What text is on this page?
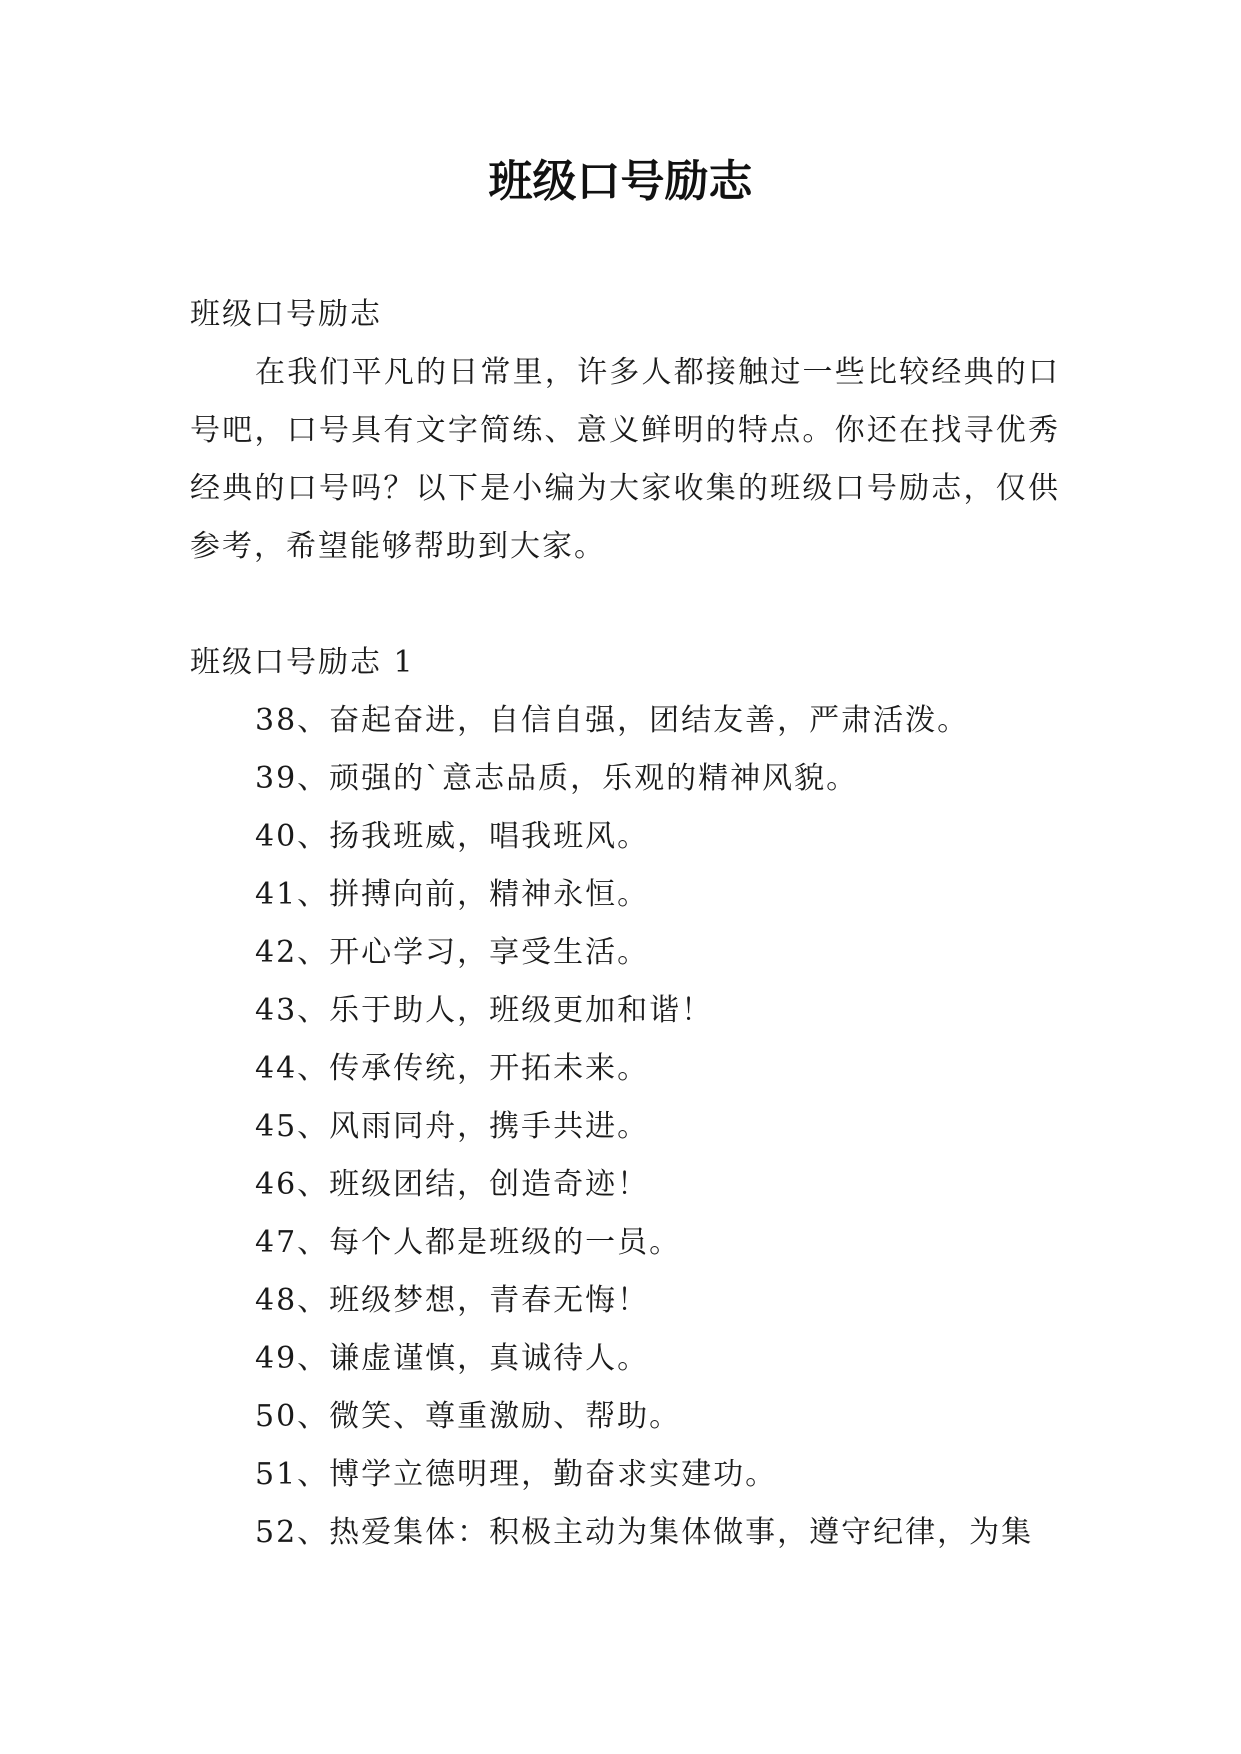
班级口号励志

班级口号励志

在我们平凡的日常里，许多人都接触过一些比较经典的口号吧，口号具有文字简练、意义鲜明的特点。你还在找寻优秀经典的口号吗？以下是小编为大家收集的班级口号励志，仅供参考，希望能够帮助到大家。

班级口号励志 1

38、奋起奋进，自信自强，团结友善，严肃活泼。
39、顽强的`意志品质，乐观的精神风貌。
40、扬我班威，唱我班风。
41、拼搏向前，精神永恒。
42、开心学习，享受生活。
43、乐于助人，班级更加和谐！
44、传承传统，开拓未来。
45、风雨同舟，携手共进。
46、班级团结，创造奇迹！
47、每个人都是班级的一员。
48、班级梦想，青春无悔！
49、谦虚谨慎，真诚待人。
50、微笑、尊重激励、帮助。
51、博学立德明理，勤奋求实建功。
52、热爱集体：积极主动为集体做事，遵守纪律，为集
